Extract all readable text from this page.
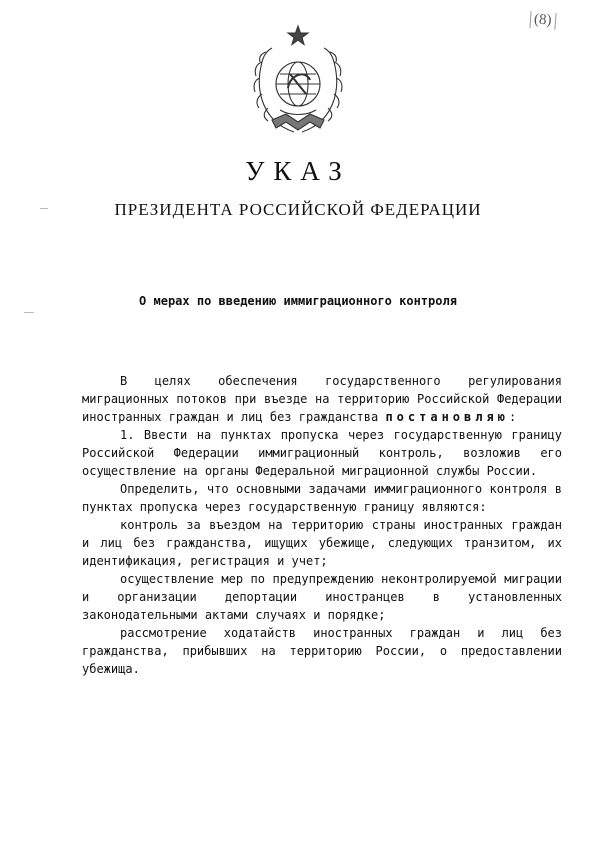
(8)
УКАЗ
ПРЕЗИДЕНТА РОССИЙСКОЙ ФЕДЕРАЦИИ
О мерах по введению иммиграционного контроля

В целях обеспечения государственного регулирования миграционных потоков при въезде на территорию Российской Федерации иностранных граждан и лиц без гражданства постановляю:

1. Ввести на пунктах пропуска через государственную границу Российской Федерации иммиграционный контроль, возложив его осуществление на органы Федеральной миграционной службы России.

Определить, что основными задачами иммиграционного контроля в пунктах пропуска через государственную границу являются:

контроль за въездом на территорию страны иностранных граждан и лиц без гражданства, ищущих убежище, следующих транзитом, их идентификация, регистрация и учет;

осуществление мер по предупреждению неконтролируемой миграции и организации депортации иностранцев в установленных законодательными актами случаях и порядке;

рассмотрение ходатайств иностранных граждан и лиц без гражданства, прибывших на территорию России, о предоставлении убежища.
